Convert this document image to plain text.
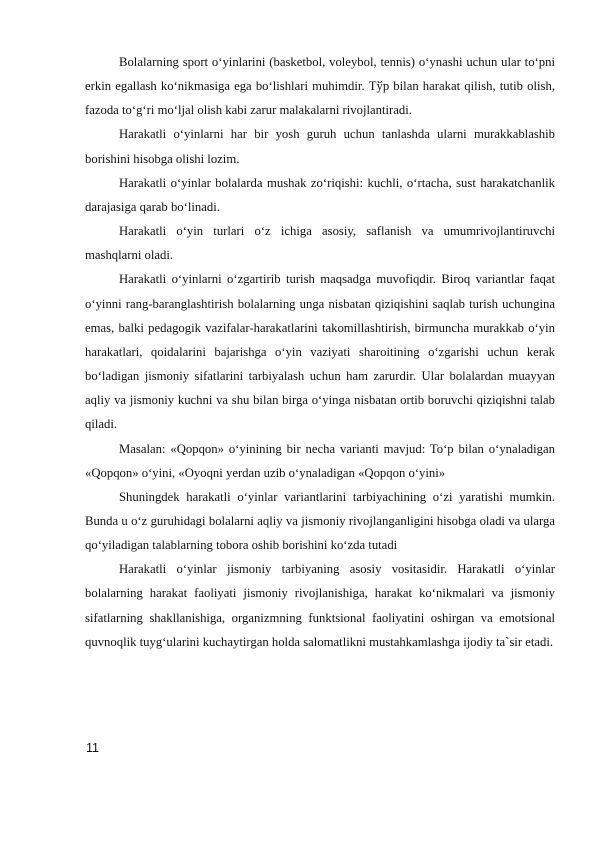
Bolalarning sport o‘yinlarini (basketbol, voleybol, tennis) o‘ynashi uchun ular to‘pni erkin egallash ko‘nikmasiga ega bo‘lishlari muhimdir. Тўр bilan harakat qilish, tutib olish, fazoda to‘g‘ri mo‘ljal olish kabi zarur malakalarni rivojlantiradi.

Harakatli o‘yinlarni har bir yosh guruh uchun tanlashda ularni murakkablashib borishini hisobga olishi lozim.

Harakatli o‘yinlar bolalarda mushak zo‘riqishi: kuchli, o‘rtacha, sust harakatchanlik darajasiga qarab bo‘linadi.

Harakatli o‘yin turlari o‘z ichiga asosiy, saflanish va umumrivojlantiruvchi mashqlarni oladi.

Harakatli o‘yinlarni o‘zgartirib turish maqsadga muvofiqdir. Biroq variantlar faqat o‘yinni rang-baranglashtirish bolalarning unga nisbatan qiziqishini saqlab turish uchungina emas, balki pedagogik vazifalar-harakatlarini takomillashtirish, birmuncha murakkab o‘yin harakatlari, qoidalarini bajarishga o‘yin vaziyati sharoitining o‘zgarishi uchun kerak bo‘ladigan jismoniy sifatlarini tarbiyalash uchun ham zarurdir. Ular bolalardan muayyan aqliy va jismoniy kuchni va shu bilan birga o‘yinga nisbatan ortib boruvchi qiziqishni talab qiladi.

Masalan: «Qopqon» o‘yinining bir necha varianti mavjud: To‘p bilan o‘ynaladigan «Qopqon» o‘yini, «Oyoqni yerdan uzib o‘ynaladigan «Qopqon o‘yini»

Shuningdek harakatli o‘yinlar variantlarini tarbiyachining o‘zi yaratishi mumkin. Bunda u o‘z guruhidagi bolalarni aqliy va jismoniy rivojlanganligini hisobga oladi va ularga qo‘yiladigan talablarning tobora oshib borishini ko‘zda tutadi

Harakatli o‘yinlar jismoniy tarbiyaning asosiy vositasidir. Harakatli o‘yinlar bolalarning harakat faoliyati jismoniy rivojlanishiga, harakat ko‘nikmalari va jismoniy sifatlarning shakllanishiga, organizmning funktsional faoliyatini oshirgan va emotsional quvnoqlik tuyg‘ularini kuchaytirgan holda salomatlikni mustahkamlashga ijodiy ta`sir etadi.

11
